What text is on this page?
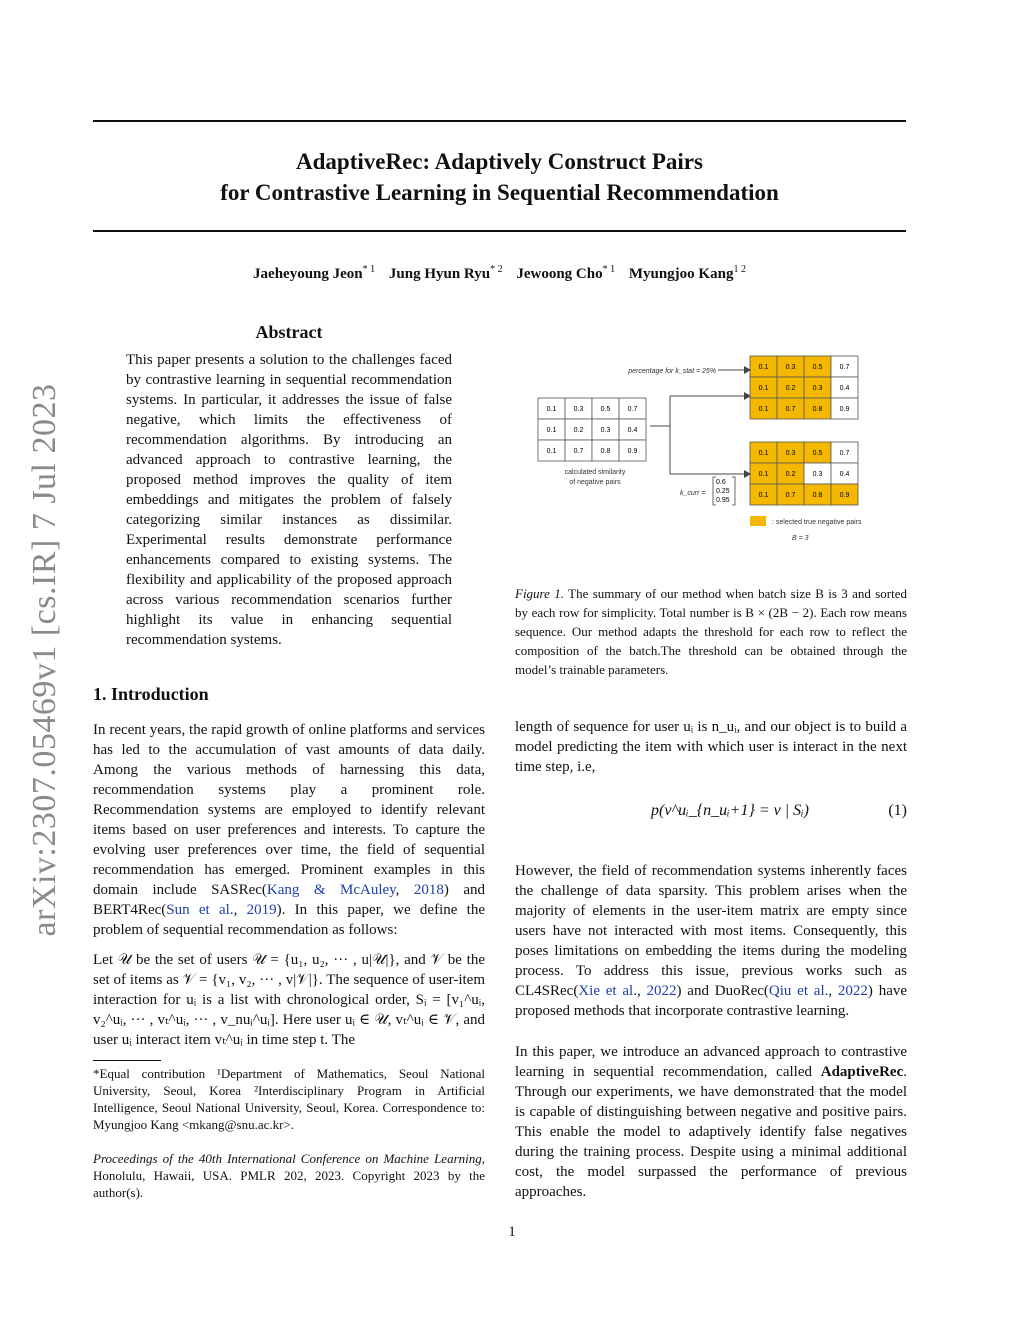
arXiv:2307.05469v1 [cs.IR] 7 Jul 2023
AdaptiveRec: Adaptively Construct Pairs
for Contrastive Learning in Sequential Recommendation
Jaeheyoung Jeon$^{* 1}$ Jung Hyun Ryu$^{* 2}$ Jewoong Cho$^{* 1}$ Myungjoo Kang$^{1 2}$
Abstract

This paper presents a solution to the challenges faced by contrastive learning in sequential recommendation systems. In particular, it addresses the issue of false negative, which limits the effectiveness of recommendation algorithms. By introducing an advanced approach to contrastive learning, the proposed method improves the quality of item embeddings and mitigates the problem of falsely categorizing similar instances as dissimilar. Experimental results demonstrate performance enhancements compared to existing systems. The flexibility and applicability of the proposed approach across various recommendation scenarios further highlight its value in enhancing sequential recommendation systems.

1. Introduction

In recent years, the rapid growth of online platforms and services has led to the accumulation of vast amounts of data daily. Among the various methods of harnessing this data, recommendation systems play a prominent role. Recommendation systems are employed to identify relevant items based on user preferences and interests. To capture the evolving user preferences over time, the field of sequential recommendation has emerged. Prominent examples in this domain include SASRec(Kang & McAuley, 2018) and BERT4Rec(Sun et al., 2019). In this paper, we define the problem of sequential recommendation as follows:

Let 𝒰 be the set of users 𝒰 = {u₁, u₂, ··· , u|𝒰|}, and 𝒱 be the set of items as 𝒱 = {v₁, v₂, ··· , v|𝒱|}. The sequence of user-item interaction for uᵢ is a list with chronological order, Sᵢ = [v₁^uᵢ, v₂^uᵢ, ··· , vₜ^uᵢ, ··· , v_nuᵢ^uᵢ]. Here user uᵢ ∈ 𝒰, vₜ^uᵢ ∈ 𝒱, and user uᵢ interact item vₜ^uᵢ in time step t. The

*Equal contribution ¹Department of Mathematics, Seoul National University, Seoul, Korea ²Interdisciplinary Program in Artificial Intelligence, Seoul National University, Seoul, Korea. Correspondence to: Myungjoo Kang <mkang@snu.ac.kr>.

Proceedings of the 40th International Conference on Machine Learning, Honolulu, Hawaii, USA. PMLR 202, 2023. Copyright 2023 by the author(s).

0.1 0.3 0.5 0.7
0.1 0.2 0.3 0.4
0.1 0.7 0.8 0.9
0.1 0.3 0.5 0.7
0.1 0.2 0.3 0.4
0.1 0.7 0.8 0.9
0.1 0.3 0.5 0.7
0.1 0.2 0.3 0.4
0.1 0.7 0.8 0.9
calculated similarity
of negative pairs
percentage for k_stat = 25%
k_curr =
0.6
0.25
0.95
: selected true negative pairs
B = 3

Figure 1. The summary of our method when batch size B is 3 and sorted by each row for simplicity. Total number is B × (2B − 2). Each row means sequence. Our method adapts the threshold for each row to reflect the composition of the batch.The threshold can be obtained through the model’s trainable parameters.

length of sequence for user uᵢ is n_uᵢ, and our object is to build a model predicting the item with which user is interact in the next time step, i.e,

p(v^uᵢ_{n_uᵢ+1} = v | Sᵢ)	(1)

However, the field of recommendation systems inherently faces the challenge of data sparsity. This problem arises when the majority of elements in the user-item matrix are empty since users have not interacted with most items. Consequently, this poses limitations on embedding the items during the modeling process. To address this issue, previous works such as CL4SRec(Xie et al., 2022) and DuoRec(Qiu et al., 2022) have proposed methods that incorporate contrastive learning.

In this paper, we introduce an advanced approach to contrastive learning in sequential recommendation, called AdaptiveRec. Through our experiments, we have demonstrated that the model is capable of distinguishing between negative and positive pairs. This enable the model to adaptively identify false negatives during the training process. Despite using a minimal additional cost, the model surpassed the performance of previous approaches.

1
